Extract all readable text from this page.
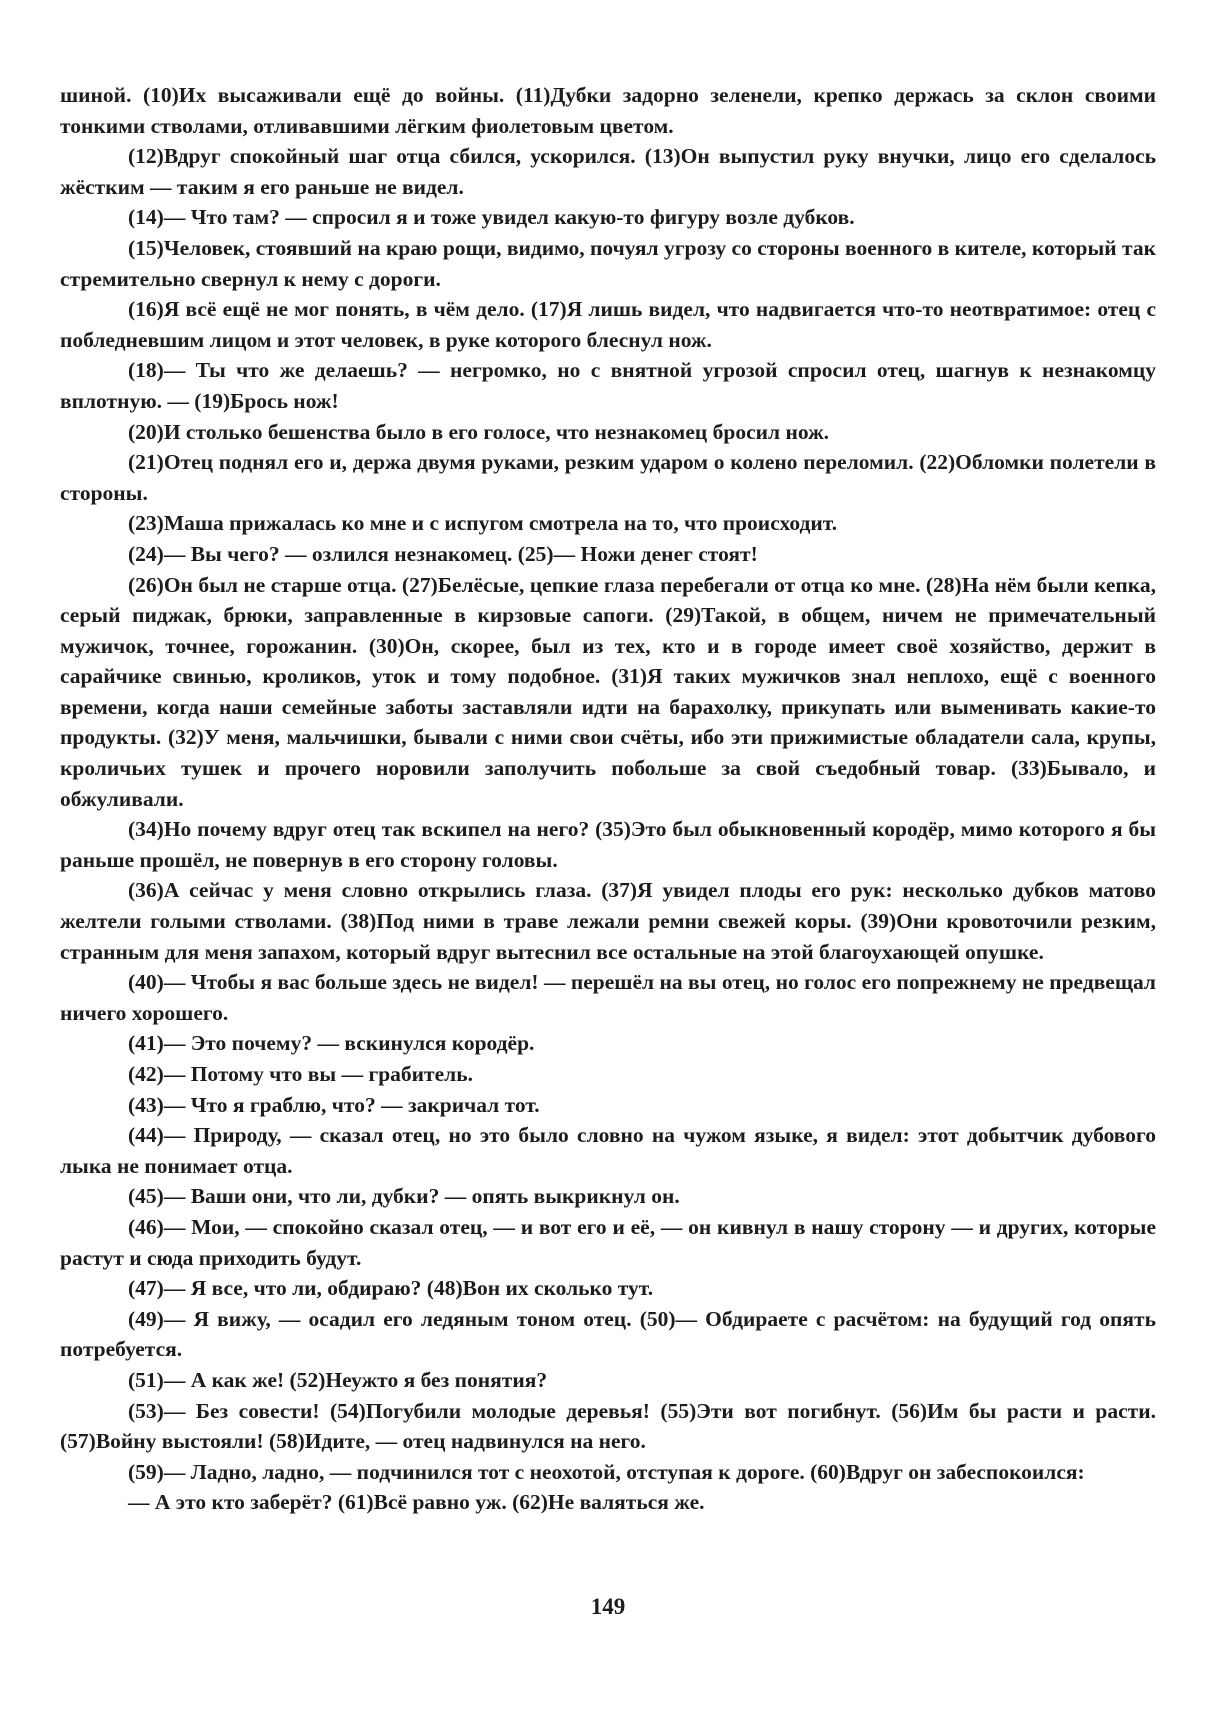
шиной. (10)Их высаживали ещё до войны. (11)Дубки задорно зеленели, крепко держась за склон своими тонкими стволами, отливавшими лёгким фиолетовым цветом.

(12)Вдруг спокойный шаг отца сбился, ускорился. (13)Он выпустил руку внучки, лицо его сделалось жёстким — таким я его раньше не видел.

(14)— Что там? — спросил я и тоже увидел какую-то фигуру возле дубков.

(15)Человек, стоявший на краю рощи, видимо, почуял угрозу со стороны военного в кителе, который так стремительно свернул к нему с дороги.

(16)Я всё ещё не мог понять, в чём дело. (17)Я лишь видел, что надвигается что-то неотвратимое: отец с побледневшим лицом и этот человек, в руке которого блеснул нож.

(18)— Ты что же делаешь? — негромко, но с внятной угрозой спросил отец, шагнув к незнакомцу вплотную. — (19)Брось нож!

(20)И столько бешенства было в его голосе, что незнакомец бросил нож.

(21)Отец поднял его и, держа двумя руками, резким ударом о колено переломил. (22)Обломки полетели в стороны.

(23)Маша прижалась ко мне и с испугом смотрела на то, что происходит.

(24)— Вы чего? — озлился незнакомец. (25)— Ножи денег стоят!

(26)Он был не старше отца. (27)Белёсые, цепкие глаза перебегали от отца ко мне. (28)На нём были кепка, серый пиджак, брюки, заправленные в кирзовые сапоги. (29)Такой, в общем, ничем не примечательный мужичок, точнее, горожанин. (30)Он, скорее, был из тех, кто и в городе имеет своё хозяйство, держит в сарайчике свинью, кроликов, уток и тому подобное. (31)Я таких мужичков знал неплохо, ещё с военного времени, когда наши семейные заботы заставляли идти на барахолку, прикупать или выменивать какие-то продукты. (32)У меня, мальчишки, бывали с ними свои счёты, ибо эти прижимистые обладатели сала, крупы, кроличьих тушек и прочего норовили заполучить побольше за свой съедобный товар. (33)Бывало, и обжуливали.

(34)Но почему вдруг отец так вскипел на него? (35)Это был обыкновенный кородёр, мимо которого я бы раньше прошёл, не повернув в его сторону головы.

(36)А сейчас у меня словно открылись глаза. (37)Я увидел плоды его рук: несколько дубков матово желтели голыми стволами. (38)Под ними в траве лежали ремни свежей коры. (39)Они кровоточили резким, странным для меня запахом, который вдруг вытеснил все остальные на этой благоухающей опушке.

(40)— Чтобы я вас больше здесь не видел! — перешёл на вы отец, но голос его попрежнему не предвещал ничего хорошего.

(41)— Это почему? — вскинулся кородёр.

(42)— Потому что вы — грабитель.

(43)— Что я граблю, что? — закричал тот.

(44)— Природу, — сказал отец, но это было словно на чужом языке, я видел: этот добытчик дубового лыка не понимает отца.

(45)— Ваши они, что ли, дубки? — опять выкрикнул он.

(46)— Мои, — спокойно сказал отец, — и вот его и её, — он кивнул в нашу сторону — и других, которые растут и сюда приходить будут.

(47)— Я все, что ли, обдираю? (48)Вон их сколько тут.

(49)— Я вижу, — осадил его ледяным тоном отец. (50)— Обдираете с расчётом: на будущий год опять потребуется.

(51)— А как же! (52)Неужто я без понятия?

(53)— Без совести! (54)Погубили молодые деревья! (55)Эти вот погибнут. (56)Им бы расти и расти. (57)Войну выстояли! (58)Идите, — отец надвинулся на него.

(59)— Ладно, ладно, — подчинился тот с неохотой, отступая к дороге. (60)Вдруг он забеспокоился:

— А это кто заберёт? (61)Всё равно уж. (62)Не валяться же.

149
